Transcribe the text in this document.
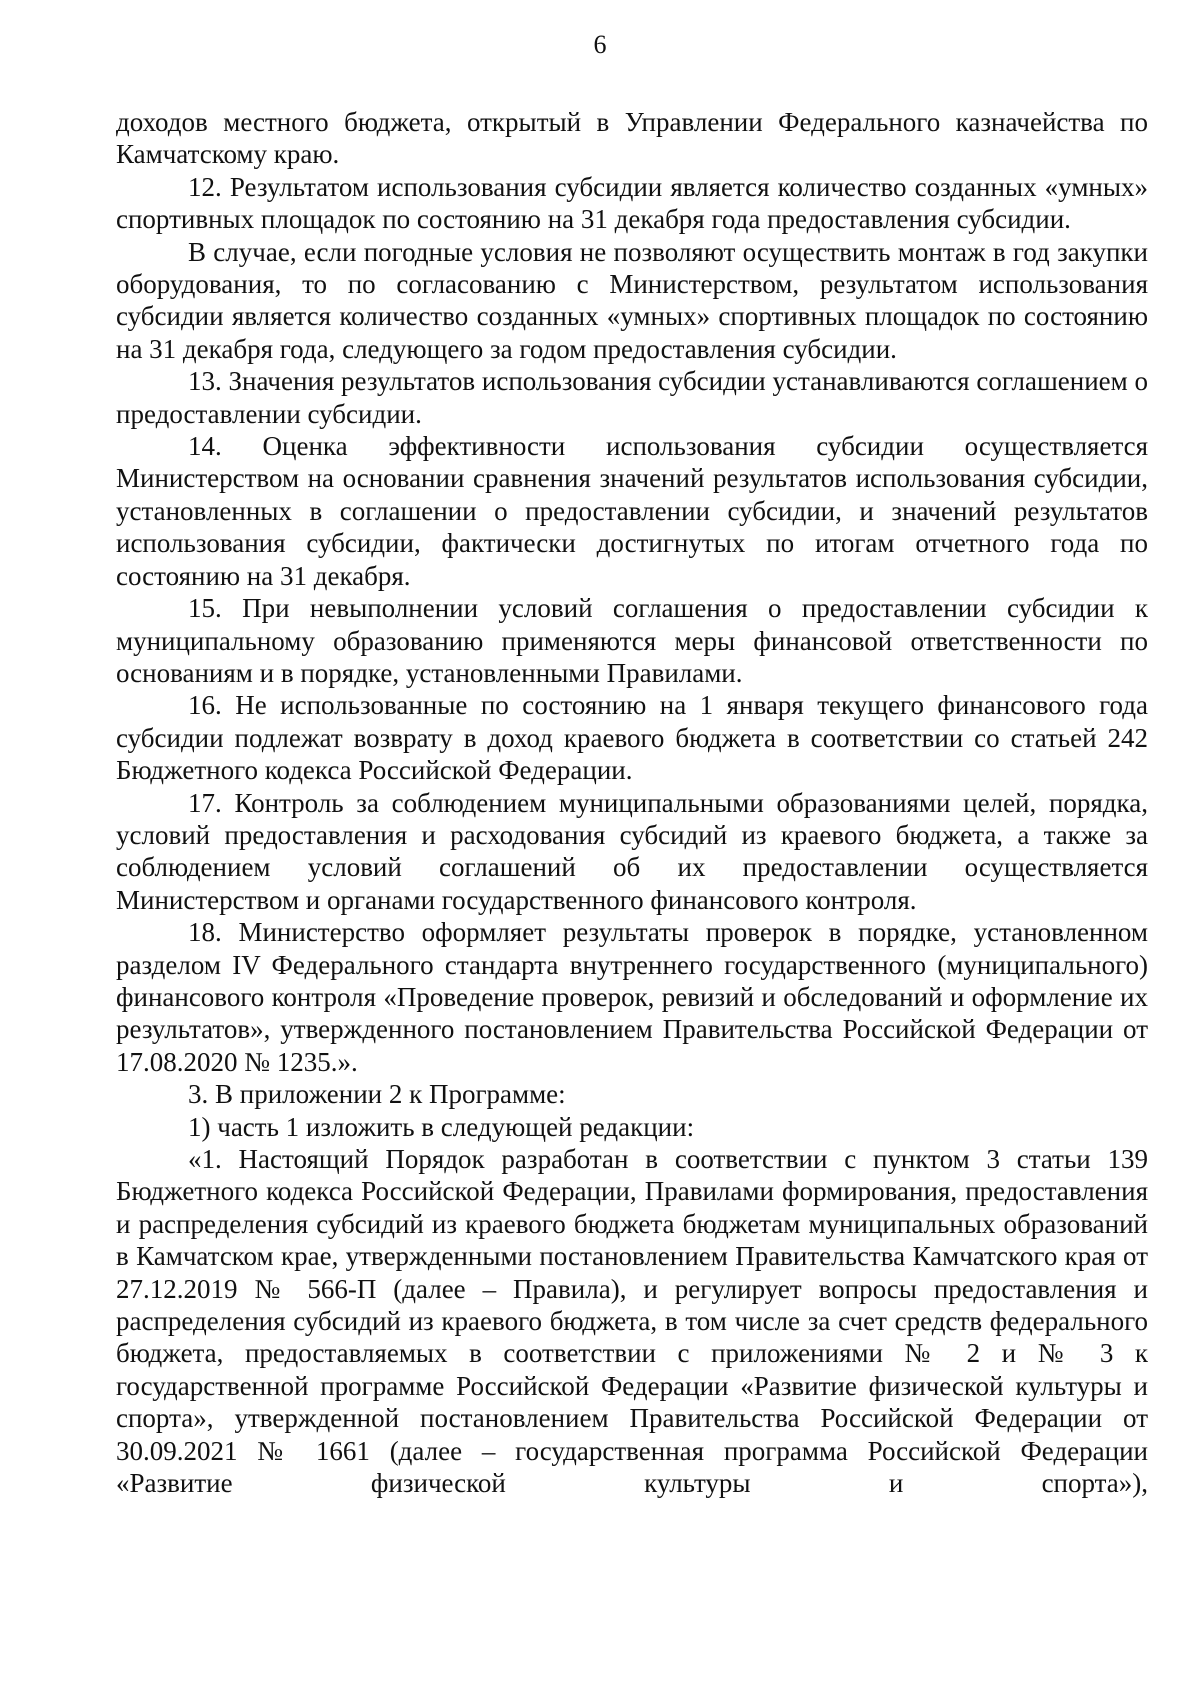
6

доходов местного бюджета, открытый в Управлении Федерального казначейства по Камчатскому краю.

12. Результатом использования субсидии является количество созданных «умных» спортивных площадок по состоянию на 31 декабря года предоставления субсидии.

В случае, если погодные условия не позволяют осуществить монтаж в год закупки оборудования, то по согласованию с Министерством, результатом использования субсидии является количество созданных «умных» спортивных площадок по состоянию на 31 декабря года, следующего за годом предоставления субсидии.

13. Значения результатов использования субсидии устанавливаются соглашением о предоставлении субсидии.

14. Оценка эффективности использования субсидии осуществляется Министерством на основании сравнения значений результатов использования субсидии, установленных в соглашении о предоставлении субсидии, и значений результатов использования субсидии, фактически достигнутых по итогам отчетного года по состоянию на 31 декабря.

15. При невыполнении условий соглашения о предоставлении субсидии к муниципальному образованию применяются меры финансовой ответственности по основаниям и в порядке, установленными Правилами.

16. Не использованные по состоянию на 1 января текущего финансового года субсидии подлежат возврату в доход краевого бюджета в соответствии со статьей 242 Бюджетного кодекса Российской Федерации.

17. Контроль за соблюдением муниципальными образованиями целей, порядка, условий предоставления и расходования субсидий из краевого бюджета, а также за соблюдением условий соглашений об их предоставлении осуществляется Министерством и органами государственного финансового контроля.

18. Министерство оформляет результаты проверок в порядке, установленном разделом IV Федерального стандарта внутреннего государственного (муниципального) финансового контроля «Проведение проверок, ревизий и обследований и оформление их результатов», утвержденного постановлением Правительства Российской Федерации от 17.08.2020 № 1235.».

3. В приложении 2 к Программе:

1) часть 1 изложить в следующей редакции:

«1. Настоящий Порядок разработан в соответствии с пунктом 3 статьи 139 Бюджетного кодекса Российской Федерации, Правилами формирования, предоставления и распределения субсидий из краевого бюджета бюджетам муниципальных образований в Камчатском крае, утвержденными постановлением Правительства Камчатского края от 27.12.2019 № 566-П (далее – Правила), и регулирует вопросы предоставления и распределения субсидий из краевого бюджета, в том числе за счет средств федерального бюджета, предоставляемых в соответствии с приложениями № 2 и № 3 к государственной программе Российской Федерации «Развитие физической культуры и спорта», утвержденной постановлением Правительства Российской Федерации от 30.09.2021 № 1661 (далее – государственная программа Российской Федерации «Развитие физической культуры и спорта»),
